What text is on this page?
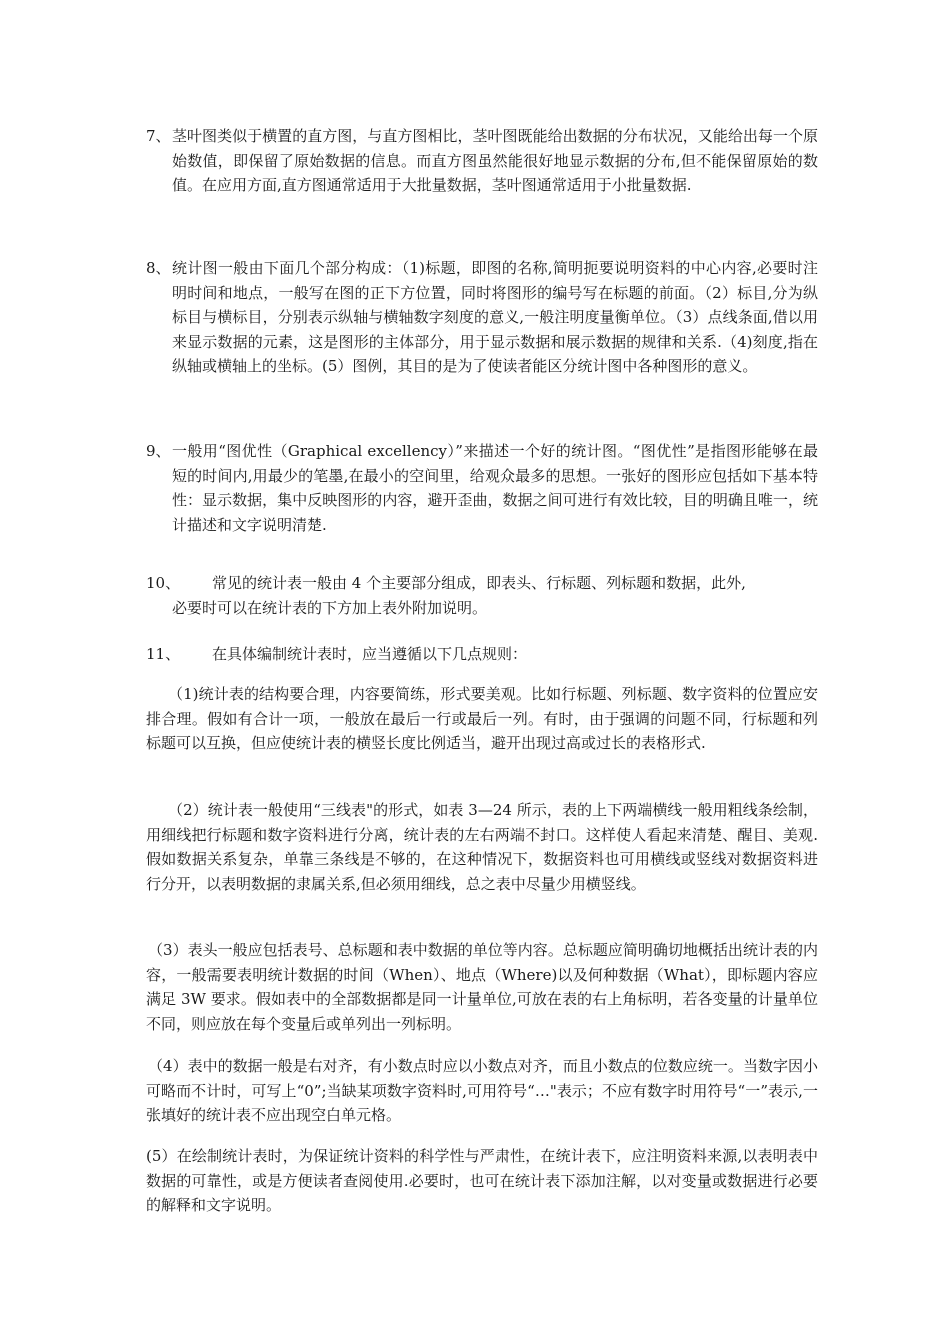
7、 茎叶图类似于横置的直方图，与直方图相比，茎叶图既能给出数据的分布状况，又能给出每一个原始数值，即保留了原始数据的信息。而直方图虽然能很好地显示数据的分布,但不能保留原始的数值。在应用方面,直方图通常适用于大批量数据，茎叶图通常适用于小批量数据.
8、 统计图一般由下面几个部分构成：（1)标题，即图的名称,简明扼要说明资料的中心内容,必要时注明时间和地点，一般写在图的正下方位置，同时将图形的编号写在标题的前面。（2）标目,分为纵标目与横标目，分别表示纵轴与横轴数字刻度的意义,一般注明度量衡单位。（3）点线条面,借以用来显示数据的元素，这是图形的主体部分，用于显示数据和展示数据的规律和关系.（4)刻度,指在纵轴或横轴上的坐标。(5）图例，其目的是为了使读者能区分统计图中各种图形的意义。
9、 一般用“图优性（Graphical excellency）”来描述一个好的统计图。“图优性”是指图形能够在最短的时间内,用最少的笔墨,在最小的空间里，给观众最多的思想。一张好的图形应包括如下基本特性：显示数据，集中反映图形的内容，避开歪曲，数据之间可进行有效比较，目的明确且唯一，统计描述和文字说明清楚.
10、	常见的统计表一般由 4 个主要部分组成，即表头、行标题、列标题和数据，此外,
必要时可以在统计表的下方加上表外附加说明。
11、	在具体编制统计表时，应当遵循以下几点规则：
（1)统计表的结构要合理，内容要简练，形式要美观。比如行标题、列标题、数字资料的位置应安排合理。假如有合计一项，一般放在最后一行或最后一列。有时，由于强调的问题不同，行标题和列标题可以互换，但应使统计表的横竖长度比例适当，避开出现过高或过长的表格形式.
（2）统计表一般使用“三线表"的形式，如表 3—24 所示，表的上下两端横线一般用粗线条绘制，用细线把行标题和数字资料进行分离，统计表的左右两端不封口。这样使人看起来清楚、醒目、美观.假如数据关系复杂，单靠三条线是不够的，在这种情况下，数据资料也可用横线或竖线对数据资料进行分开，以表明数据的隶属关系,但必须用细线，总之表中尽量少用横竖线。
（3）表头一般应包括表号、总标题和表中数据的单位等内容。总标题应简明确切地概括出统计表的内容，一般需要表明统计数据的时间（When）、地点（Where)以及何种数据（What），即标题内容应满足 3W 要求。假如表中的全部数据都是同一计量单位,可放在表的右上角标明，若各变量的计量单位不同，则应放在每个变量后或单列出一列标明。
（4）表中的数据一般是右对齐，有小数点时应以小数点对齐，而且小数点的位数应统一。当数字因小可略而不计时，可写上“0”;当缺某项数字资料时,可用符号“…"表示；不应有数字时用符号“一”表示,一张填好的统计表不应出现空白单元格。
(5）在绘制统计表时，为保证统计资料的科学性与严肃性，在统计表下，应注明资料来源,以表明表中数据的可靠性，或是方便读者查阅使用.必要时，也可在统计表下添加注解，以对变量或数据进行必要的解释和文字说明。
